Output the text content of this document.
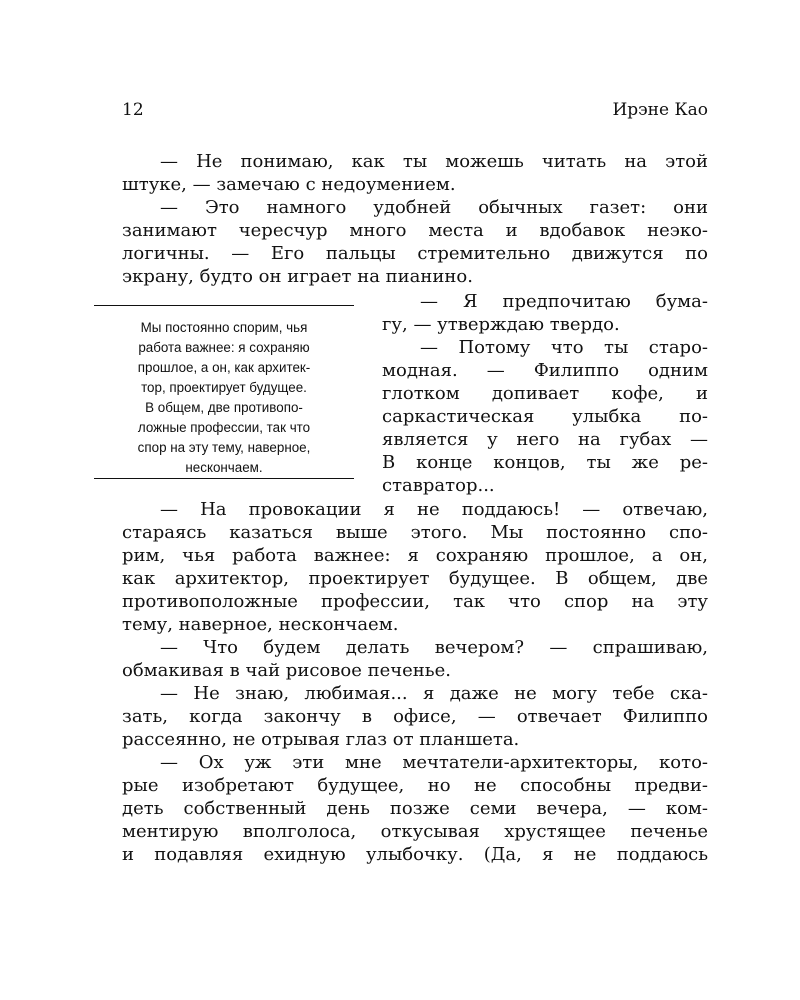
12	Ирэне Као
Мы постоянно спорим, чья
работа важнее: я сохраняю
прошлое, а он, как архитек-
тор, проектирует будущее.
В общем, две противопо-
ложные профессии, так что
спор на эту тему, наверное,
нескончаем.
— Не понимаю, как ты можешь читать на этой
штуке, — замечаю с недоумением.
— Это намного удобней обычных газет: они
занимают чересчур много места и вдобавок неэко-
логичны. — Его пальцы стремительно движутся по
экрану, будто он играет на пианино.
— Я предпочитаю бума-
гу, — утверждаю твердо.
— Потому что ты старо-
модная. — Филиппо одним
глотком допивает кофе, и
саркастическая улыбка по-
является у него на губах —
В конце концов, ты же ре-
ставратор...
— На провокации я не поддаюсь! — отвечаю,
стараясь казаться выше этого. Мы постоянно спо-
рим, чья работа важнее: я сохраняю прошлое, а он,
как архитектор, проектирует будущее. В общем, две
противоположные профессии, так что спор на эту
тему, наверное, нескончаем.
— Что будем делать вечером? — спрашиваю,
обмакивая в чай рисовое печенье.
— Не знаю, любимая... я даже не могу тебе ска-
зать, когда закончу в офисе, — отвечает Филиппо
рассеянно, не отрывая глаз от планшета.
— Ох уж эти мне мечтатели-архитекторы, кото-
рые изобретают будущее, но не способны предви-
деть собственный день позже семи вечера, — ком-
ментирую вполголоса, откусывая хрустящее печенье
и подавляя ехидную улыбочку. (Да, я не поддаюсь
